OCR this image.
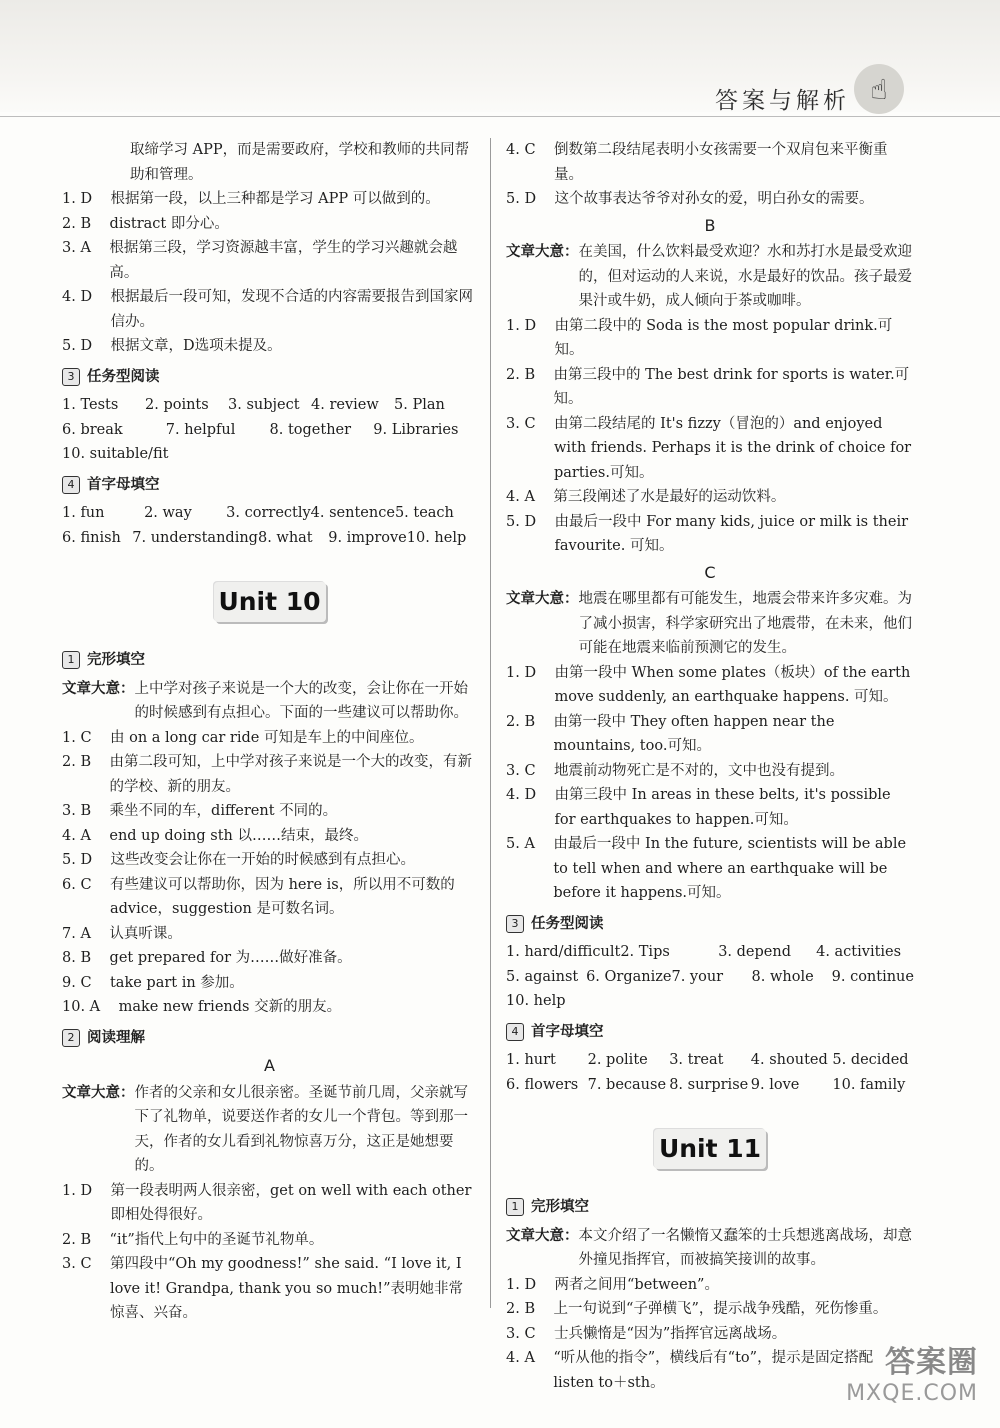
答案与解析 ☝
取缔学习 APP，而是需要政府，学校和教师的共同帮助和管理。
1. D
根据第一段，以上三种都是学习 APP 可以做到的。
2. B
distract 即分心。
3. A
根据第三段，学习资源越丰富，学生的学习兴趣就会越高。
4. D
根据最后一段可知，发现不合适的内容需要报告到国家网信办。
5. D
根据文章，D选项未提及。
3 任务型阅读
1. Tests	2. points	3. subject 4. review	5. Plan
6. break	7. helpful	8. together	9. Libraries
10. suitable/fit
4 首字母填空
1. fun	2. way	3. correctly 4. sentence 5. teach
6. finish 7. understanding 8. what	9. improve 10. help
Unit 10
1 完形填空
文章大意： 上中学对孩子来说是一个大的改变，会让你在一开始的时候感到有点担心。下面的一些建议可以帮助你。
1. C
由 on a long car ride 可知是车上的中间座位。
2. B
由第二段可知，上中学对孩子来说是一个大的改变，有新的学校、新的朋友。
3. B
乘坐不同的车，different 不同的。
4. A
end up doing sth 以……结束，最终。
5. D
这些改变会让你在一开始的时候感到有点担心。
6. C
有些建议可以帮助你，因为 here is，所以用不可数的 advice，suggestion 是可数名词。
7. A
认真听课。
8. B
get prepared for 为……做好准备。
9. C
take part in 参加。
10. A
make new friends 交新的朋友。
2 阅读理解
A
文章大意： 作者的父亲和女儿很亲密。圣诞节前几周，父亲就写下了礼物单，说要送作者的女儿一个背包。等到那一天，作者的女儿看到礼物惊喜万分，这正是她想要的。
1. D
第一段表明两人很亲密，get on well with each other 即相处得很好。
2. B
“it”指代上句中的圣诞节礼物单。
3. C
第四段中“Oh my goodness!” she said. “I love it, I love it! Grandpa, thank you so much!”表明她非常惊喜、兴奋。
4. C
倒数第二段结尾表明小女孩需要一个双肩包来平衡重量。
5. D
这个故事表达爷爷对孙女的爱，明白孙女的需要。
B
文章大意： 在美国，什么饮料最受欢迎？水和苏打水是最受欢迎的，但对运动的人来说，水是最好的饮品。孩子最爱果汁或牛奶，成人倾向于茶或咖啡。
1. D
由第二段中的 Soda is the most popular drink.可知。
2. B
由第三段中的 The best drink for sports is water.可知。
3. C
由第二段结尾的 It's fizzy（冒泡的）and enjoyed with friends. Perhaps it is the drink of choice for parties.可知。
4. A
第三段阐述了水是最好的运动饮料。
5. D
由最后一段中 For many kids, juice or milk is their favourite. 可知。
C
文章大意： 地震在哪里都有可能发生，地震会带来许多灾难。为了减小损害，科学家研究出了地震带，在未来，他们可能在地震来临前预测它的发生。
1. D
由第一段中 When some plates（板块）of the earth move suddenly, an earthquake happens. 可知。
2. B
由第一段中 They often happen near the mountains, too.可知。
3. C
地震前动物死亡是不对的，文中也没有提到。
4. D
由第三段中 In areas in these belts, it's possible for earthquakes to happen.可知。
5. A
由最后一段中 In the future, scientists will be able to tell when and where an earthquake will be before it happens.可知。
3 任务型阅读
1. hard/difficult 2. Tips	3. depend	4. activities
5. against 6. Organize 7. your	8. whole	9. continue
10. help
4 首字母填空
1. hurt	2. polite	3. treat	4. shouted 5. decided
6. flowers 7. because 8. surprise 9. love	10. family
Unit 11
1 完形填空
文章大意： 本文介绍了一名懒惰又蠢笨的士兵想逃离战场，却意外撞见指挥官，而被搞笑接训的故事。
1. D
两者之间用“between”。
2. B
上一句说到“子弹横飞”，提示战争残酷，死伤惨重。
3. C
士兵懒惰是“因为”指挥官远离战场。
4. A
“听从他的指令”，横线后有“to”，提示是固定搭配 listen to＋sth。
答案圈
MXQE.COM
